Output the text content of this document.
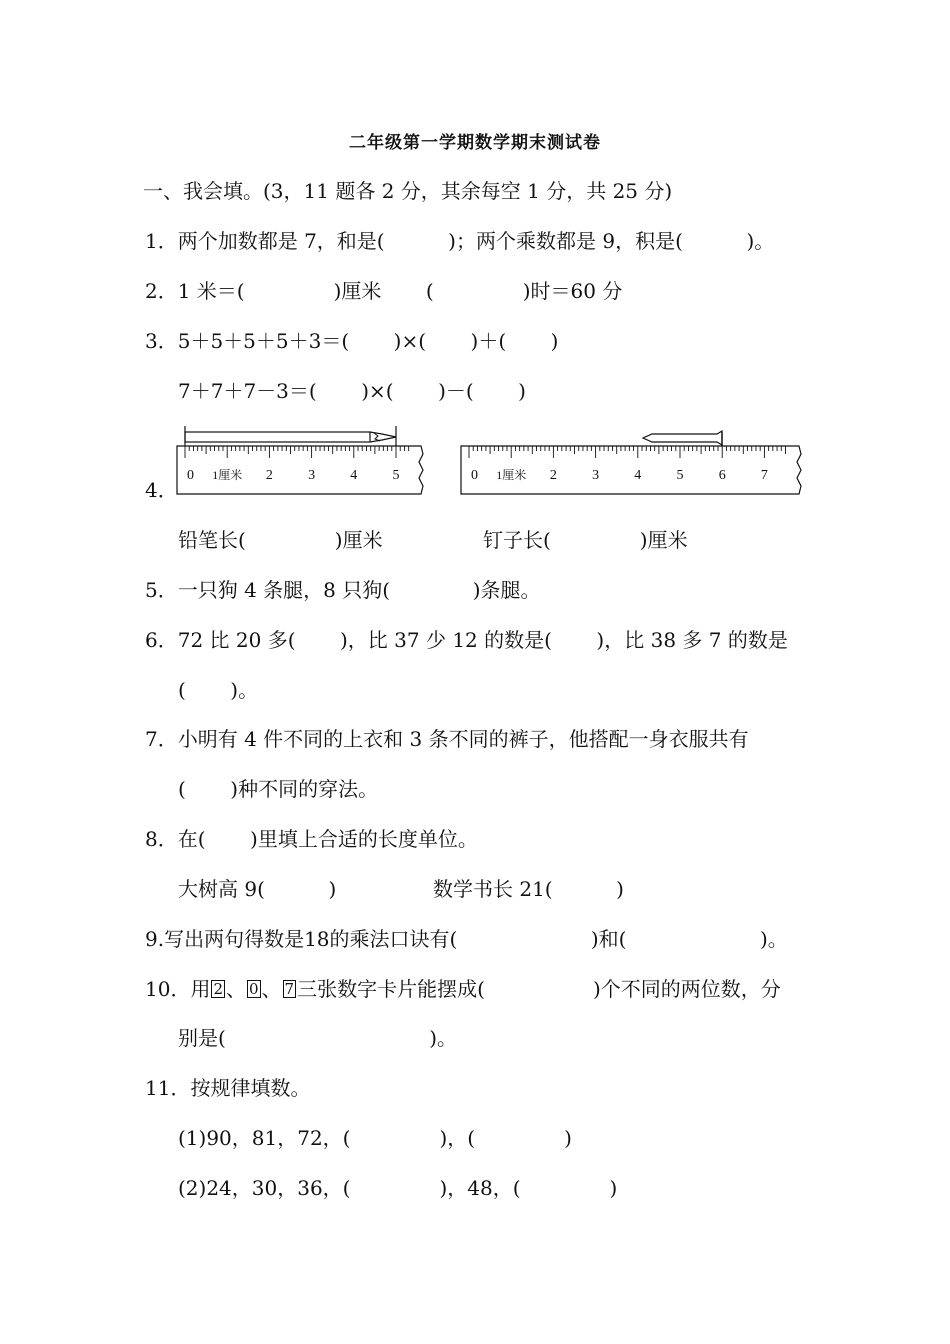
二年级第一学期数学期末测试卷
一、我会填。(3，11 题各 2 分，其余每空 1 分，共 25 分)
1．两个加数都是 7，和是(          )；两个乘数都是 9，积是(          )。
2．1 米＝(              )厘米       (              )时＝60 分
3．5＋5＋5＋5＋3＝(       )×(       )＋(       )
7＋7＋7－3＝(       )×(       )－(       )
4．
0 1厘米 2	3	4	5	0 1厘米 2	3	4	5	6	7
铅笔长(              )厘米	钉子长(              )厘米
5．一只狗 4 条腿，8 只狗(             )条腿。
6．72 比 20 多(       )，比 37 少 12 的数是(       )，比 38 多 7 的数是
(       )。
7．小明有 4 件不同的上衣和 3 条不同的裤子，他搭配一身衣服共有
(       )种不同的穿法。
8．在(       )里填上合适的长度单位。
大树高 9(          )	数学书长 21(          )
9.写出两句得数是18的乘法口诀有(                     )和(                     )。
10．用 2 、 0 、 7 三张数字卡片能摆成(                 )个不同的两位数，分
别是(                                )。
11．按规律填数。
(1)90，81，72，(              )，(              )
(2)24，30，36，(              )，48，(              )
